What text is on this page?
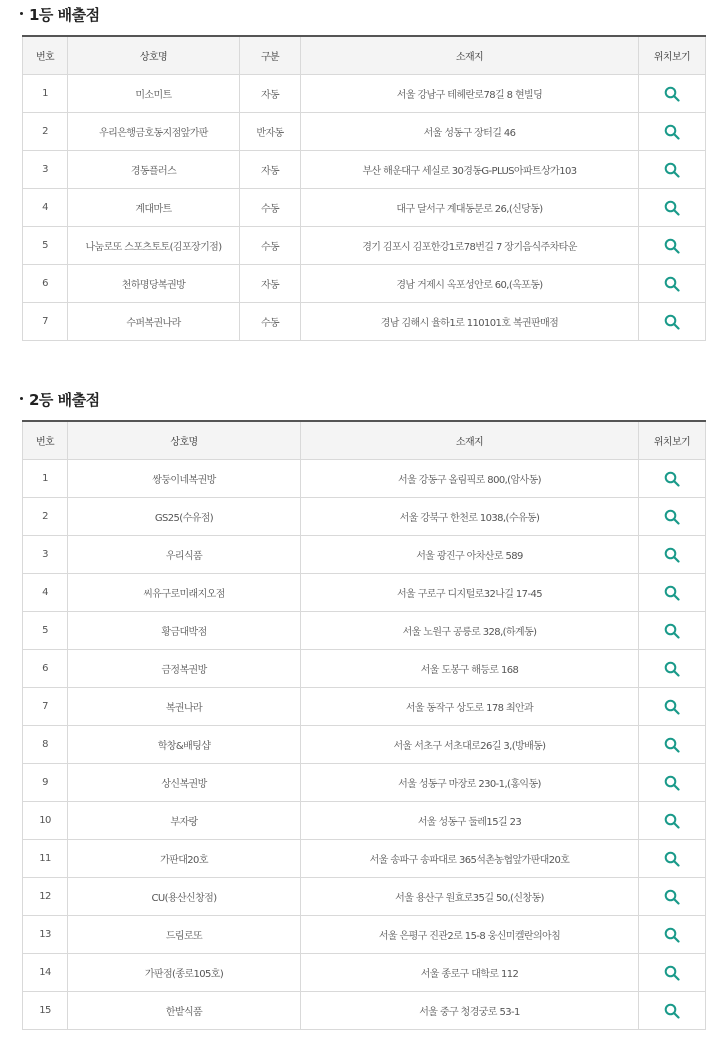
1등 배출점
번호	상호명	구분	소재지	위치보기
1	미소미트	자동	서울 강남구 테헤란로78길 8 현빌딩	
2	우리은행금호동지점앞가판	반자동	서울 성동구 장터길 46	
3	경동플러스	자동	부산 해운대구 세실로 30경동G-PLUS아파트상가103	
4	계대마트	수동	대구 달서구 계대동문로 26,(신당동)	
5	나눔로또 스포츠토토(김포장기점)	수동	경기 김포시 김포한강1로78번길 7 장기음식주차타운	
6	천하명당복권방	자동	경남 거제시 옥포성안로 60,(옥포동)	
7	수퍼복권나라	수동	경남 김해시 율하1로 110101호 복권판매점	
2등 배출점
번호	상호명	소재지	위치보기
1	쌍둥이네복권방	서울 강동구 올림픽로 800,(암사동)	
2	GS25(수유점)	서울 강북구 한천로 1038,(수유동)	
3	우리식품	서울 광진구 아차산로 589	
4	씨유구로미래지오점	서울 구로구 디지털로32나길 17-45	
5	황금대박점	서울 노원구 공릉로 328,(하계동)	
6	금정복권방	서울 도봉구 해등로 168	
7	복권나라	서울 동작구 상도로 178 최안과	
8	학창&배팅샵	서울 서초구 서초대로26길 3,(방배동)	
9	상신복권방	서울 성동구 마장로 230-1,(홍익동)	
10	부자랑	서울 성동구 둘레15길 23	
11	가판대20호	서울 송파구 송파대로 365석촌농협앞가판대20호	
12	CU(용산신창점)	서울 용산구 원효로35길 50,(신창동)	
13	드림로또	서울 은평구 진관2로 15-8 웅신미켈란의아침	
14	가판점(종로105호)	서울 종로구 대학로 112	
15	한밭식품	서울 중구 청경궁로 53-1	
